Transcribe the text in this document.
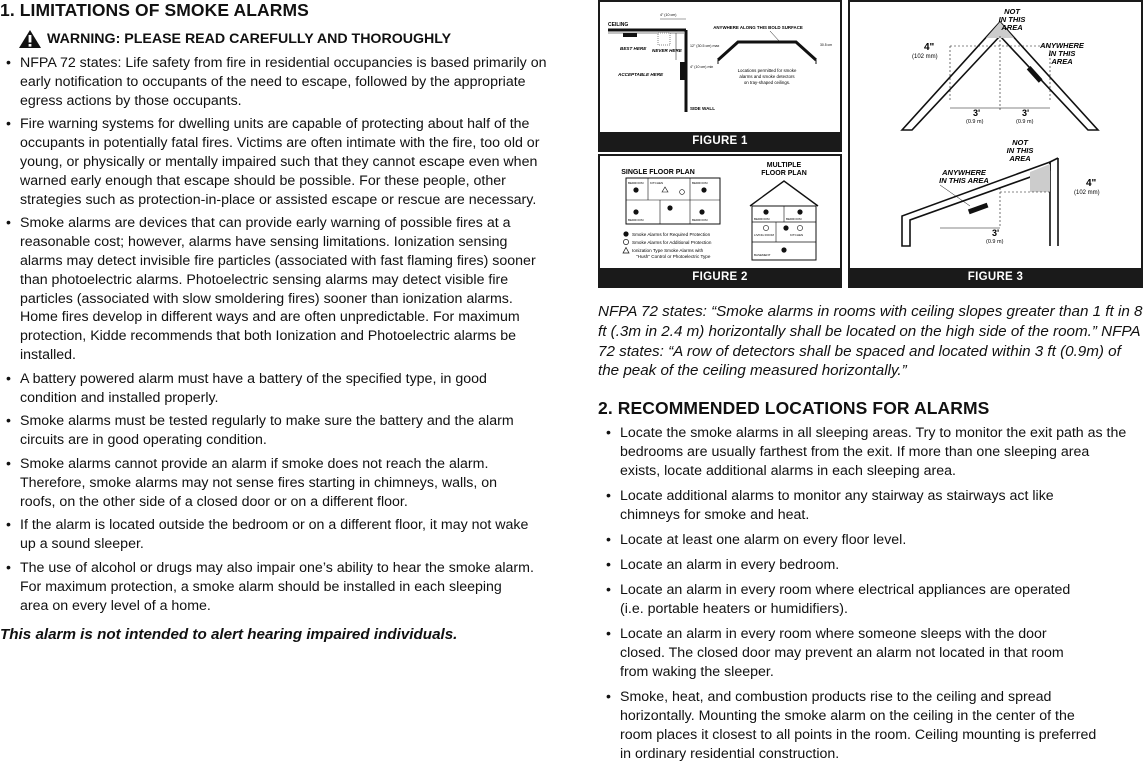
1. LIMITATIONS OF SMOKE ALARMS
WARNING: PLEASE READ CAREFULLY AND THOROUGHLY
• NFPA 72 states: Life safety from fire in residential occupancies is based primarily on early notification to occupants of the need to escape, followed by the appropriate egress actions by those occupants.
• Fire warning systems for dwelling units are capable of protecting about half of the occupants in potentially fatal fires. Victims are often intimate with the fire, too old or young, or physically or mentally impaired such that they cannot escape even when warned early enough that escape should be possible. For these people, other strategies such as protection-in-place or assisted escape or rescue are necessary.
• Smoke alarms are devices that can provide early warning of possible fires at a reasonable cost; however, alarms have sensing limitations. Ionization sensing alarms may detect invisible fire particles (associated with fast flaming fires) sooner than photoelectric alarms. Photoelectric sensing alarms may detect visible fire particles (associated with slow smoldering fires) sooner than ionization alarms. Home fires develop in different ways and are often unpredictable. For maximum protection, Kidde recommends that both Ionization and Photoelectric alarms be installed.
• A battery powered alarm must have a battery of the specified type, in good condition and installed properly.
• Smoke alarms must be tested regularly to make sure the battery and the alarm circuits are in good operating condition.
• Smoke alarms cannot provide an alarm if smoke does not reach the alarm. Therefore, smoke alarms may not sense fires starting in chimneys, walls, on roofs, on the other side of a closed door or on a different floor.
• If the alarm is located outside the bedroom or on a different floor, it may not wake up a sound sleeper.
• The use of alcohol or drugs may also impair one’s ability to hear the smoke alarm. For maximum protection, a smoke alarm should be installed in each sleeping area on every level of a home.
This alarm is not intended to alert hearing impaired individuals.
CEILING
BEST HERE NEVER HERE
ACCEPTABLE HERE
12" (30.5 cm) max
4" (10 cm) min
4" (10 cm)
SIDE WALL
ANYWHERE ALONG THIS BOLD SURFACE
30.5 cm
Locations permitted for smoke
alarms and smoke detectors
on tray-shaped ceilings.
FIGURE 1
SINGLE FLOOR PLAN
MULTIPLE
FLOOR PLAN
BEDROOM KITCHEN	BEDROOM
BEDROOM	BEDROOM
Smoke Alarms for Required Protection
Smoke Alarms for Additional Protection
Ionization Type Smoke Alarms with
"Hush" Control or Photoelectric Type
BEDROOM	BEDROOM
LIVING ROOM	KITCHEN
BASEMENT
FIGURE 2
NOT
IN THIS
AREA
ANYWHERE
IN THIS
AREA
4"
(102 mm)
3'
(0.9 m)
3'
(0.9 m)
NOT
IN THIS
AREA
ANYWHERE
IN THIS AREA	4"
(102 mm)
3'
(0.9 m)
FIGURE 3
NFPA 72 states: “Smoke alarms in rooms with ceiling slopes greater than 1 ft in 8 ft (.3m in 2.4 m) horizontally shall be located on the high side of the room.” NFPA 72 states: “A row of detectors shall be spaced and located within 3 ft (0.9m) of the peak of the ceiling measured horizontally.”
2. RECOMMENDED LOCATIONS FOR ALARMS
• Locate the smoke alarms in all sleeping areas. Try to monitor the exit path as the bedrooms are usually farthest from the exit. If more than one sleeping area exists, locate additional alarms in each sleeping area.
• Locate additional alarms to monitor any stairway as stairways act like chimneys for smoke and heat.
• Locate at least one alarm on every floor level.
• Locate an alarm in every bedroom.
• Locate an alarm in every room where electrical appliances are operated (i.e. portable heaters or humidifiers).
• Locate an alarm in every room where someone sleeps with the door closed. The closed door may prevent an alarm not located in that room from waking the sleeper.
• Smoke, heat, and combustion products rise to the ceiling and spread horizontally. Mounting the smoke alarm on the ceiling in the center of the room places it closest to all points in the room. Ceiling mounting is preferred in ordinary residential construction.
